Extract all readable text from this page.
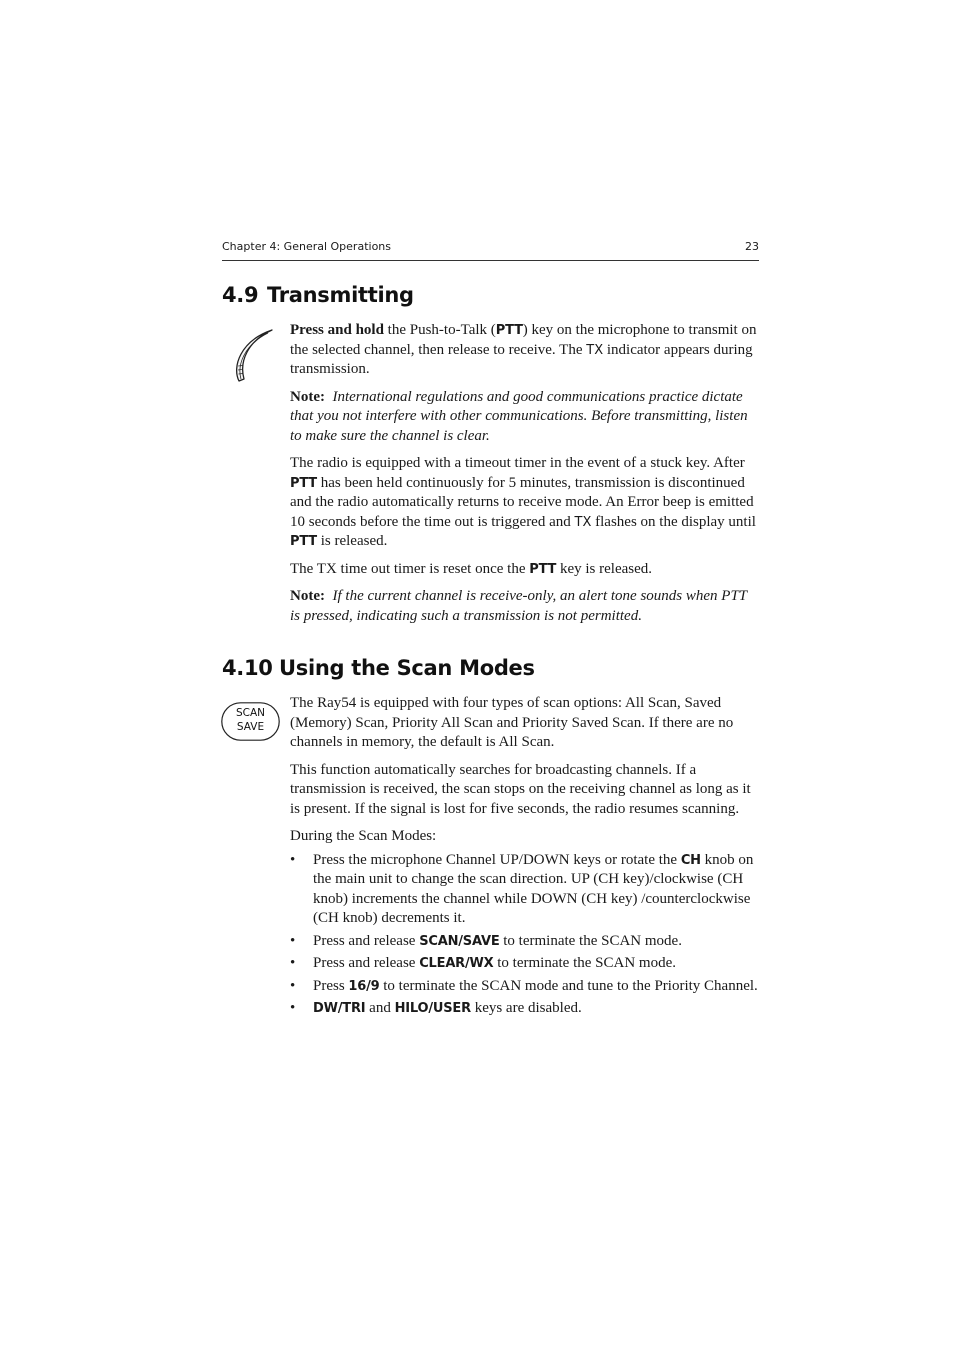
Chapter 4: General Operations	23
4.9 Transmitting

Press and hold the Push-to-Talk (PTT) key on the microphone to transmit on the selected channel, then release to receive. The TX indicator appears during transmission.

Note: International regulations and good communications practice dictate that you not interfere with other communications. Before transmitting, listen to make sure the channel is clear.

The radio is equipped with a timeout timer in the event of a stuck key. After PTT has been held continuously for 5 minutes, transmission is discontinued and the radio automatically returns to receive mode. An Error beep is emitted 10 seconds before the time out is triggered and TX flashes on the display until PTT is released.

The TX time out timer is reset once the PTT key is released.

Note: If the current channel is receive-only, an alert tone sounds when PTT is pressed, indicating such a transmission is not permitted.

4.10 Using the Scan Modes
SCAN
SAVE

The Ray54 is equipped with four types of scan options: All Scan, Saved (Memory) Scan, Priority All Scan and Priority Saved Scan. If there are no channels in memory, the default is All Scan.

This function automatically searches for broadcasting channels. If a transmission is received, the scan stops on the receiving channel as long as it is present. If the signal is lost for five seconds, the radio resumes scanning.

During the Scan Modes:

• Press the microphone Channel UP/DOWN keys or rotate the CH knob on the main unit to change the scan direction. UP (CH key)/clockwise (CH knob) increments the channel while DOWN (CH key) /counterclockwise (CH knob) decrements it.
• Press and release SCAN/SAVE to terminate the SCAN mode.
• Press and release CLEAR/WX to terminate the SCAN mode.
• Press 16/9 to terminate the SCAN mode and tune to the Priority Channel.
• DW/TRI and HILO/USER keys are disabled.
